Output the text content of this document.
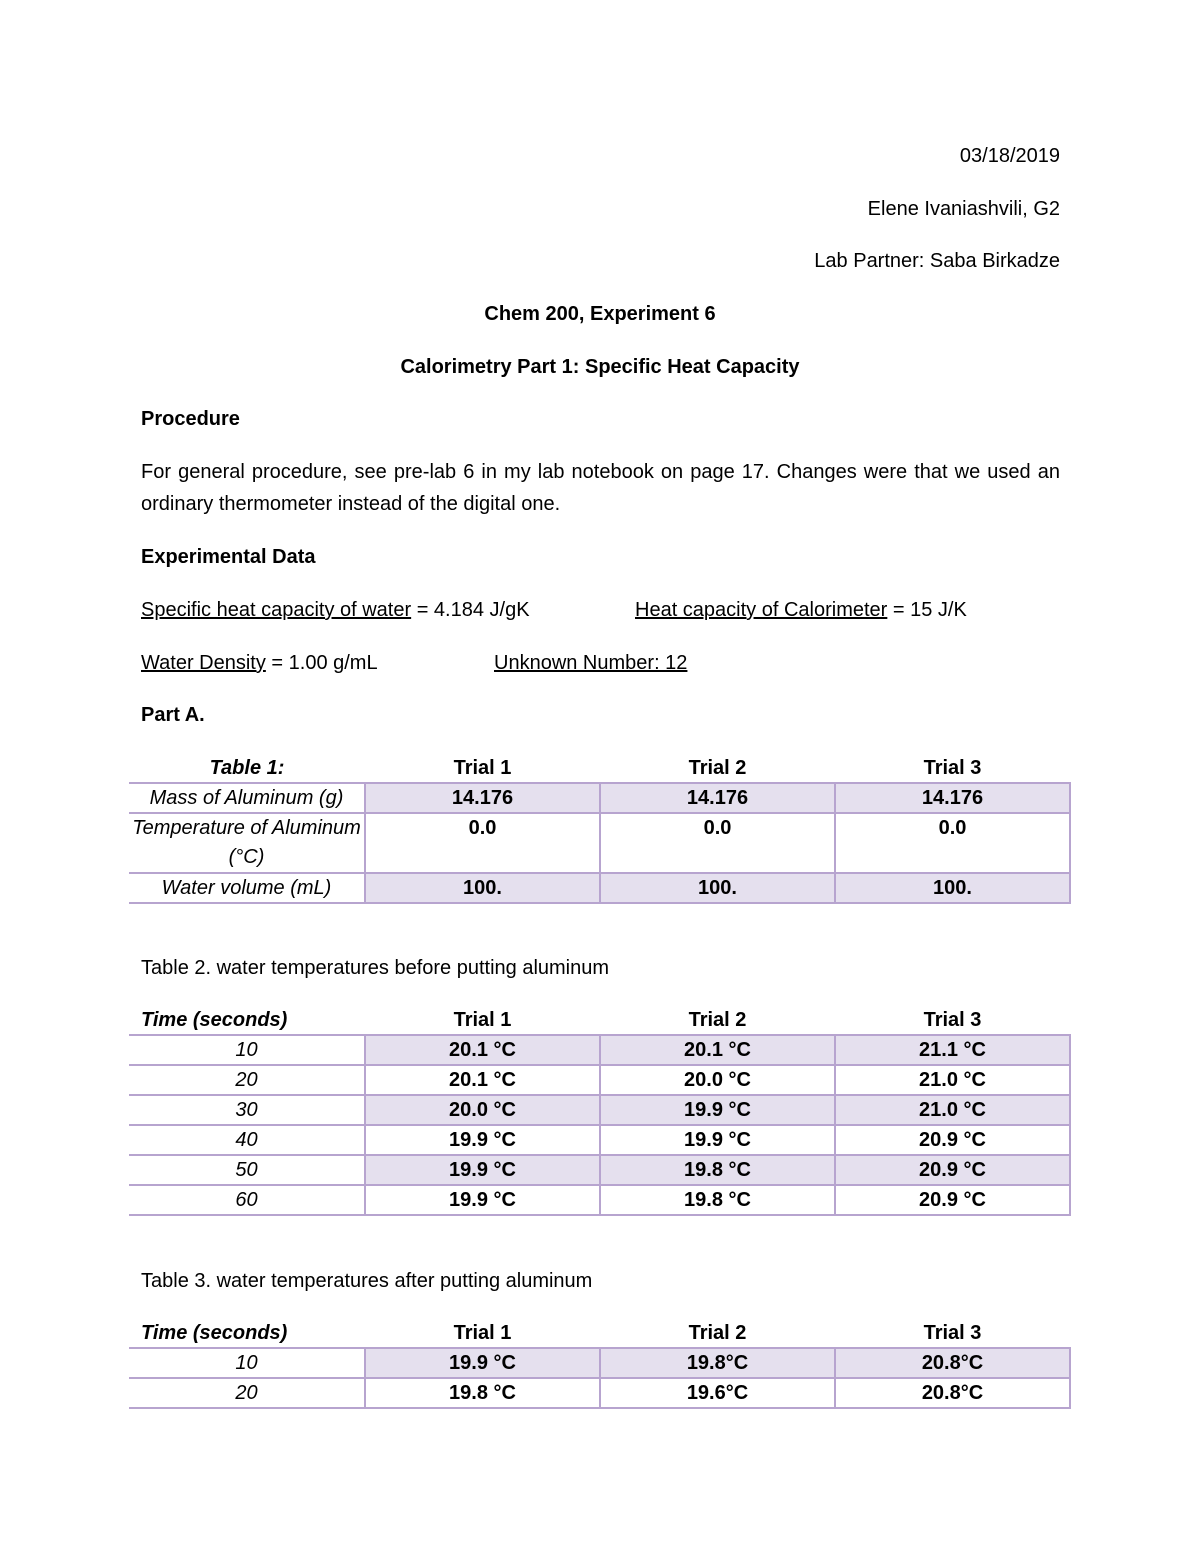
03/18/2019
Elene Ivaniashvili, G2
Lab Partner: Saba Birkadze
Chem 200, Experiment 6
Calorimetry Part 1: Specific Heat Capacity
Procedure
For general procedure, see pre-lab 6 in my lab notebook on page 17. Changes were that we used an ordinary thermometer instead of the digital one.
Experimental Data
Specific heat capacity of water = 4.184 J/gK	Heat capacity of Calorimeter = 15 J/K
Water Density = 1.00 g/mL	Unknown Number: 12
Part A.
Table 1:	Trial 1	Trial 2	Trial 3
Mass of Aluminum (g)	14.176	14.176	14.176
Temperature of Aluminum (°C)	0.0	0.0	0.0
Water volume (mL)	100.	100.	100.
Table 2. water temperatures before putting aluminum
Time (seconds)	Trial 1	Trial 2	Trial 3
10	20.1 °C	20.1 °C	21.1 °C
20	20.1 °C	20.0 °C	21.0 °C
30	20.0 °C	19.9 °C	21.0 °C
40	19.9 °C	19.9 °C	20.9 °C
50	19.9 °C	19.8 °C	20.9 °C
60	19.9 °C	19.8 °C	20.9 °C
Table 3. water temperatures after putting aluminum
Time (seconds)	Trial 1	Trial 2	Trial 3
10	19.9 °C	19.8°C	20.8°C
20	19.8 °C	19.6°C	20.8°C
